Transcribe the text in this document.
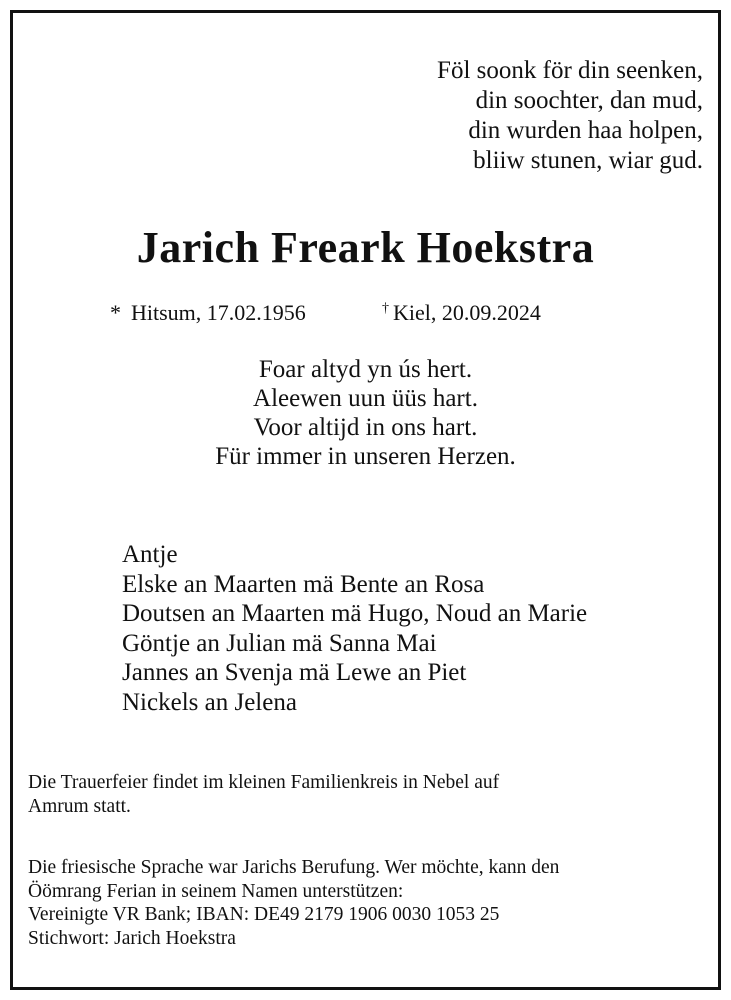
Föl soonk för din seenken,
din soochter, dan mud,
din wurden haa holpen,
bliiw stunen, wiar gud.
Jarich Freark Hoekstra
* Hitsum, 17.02.1956	† Kiel, 20.09.2024
Foar altyd yn ús hert.
Aleewen uun üüs hart.
Voor altijd in ons hart.
Für immer in unseren Herzen.
Antje
Elske an Maarten mä Bente an Rosa
Doutsen an Maarten mä Hugo, Noud an Marie
Göntje an Julian mä Sanna Mai
Jannes an Svenja mä Lewe an Piet
Nickels an Jelena
Die Trauerfeier findet im kleinen Familienkreis in Nebel auf
Amrum statt.
Die friesische Sprache war Jarichs Berufung. Wer möchte, kann den
Öömrang Ferian in seinem Namen unterstützen:
Vereinigte VR Bank; IBAN: DE49 2179 1906 0030 1053 25
Stichwort: Jarich Hoekstra
